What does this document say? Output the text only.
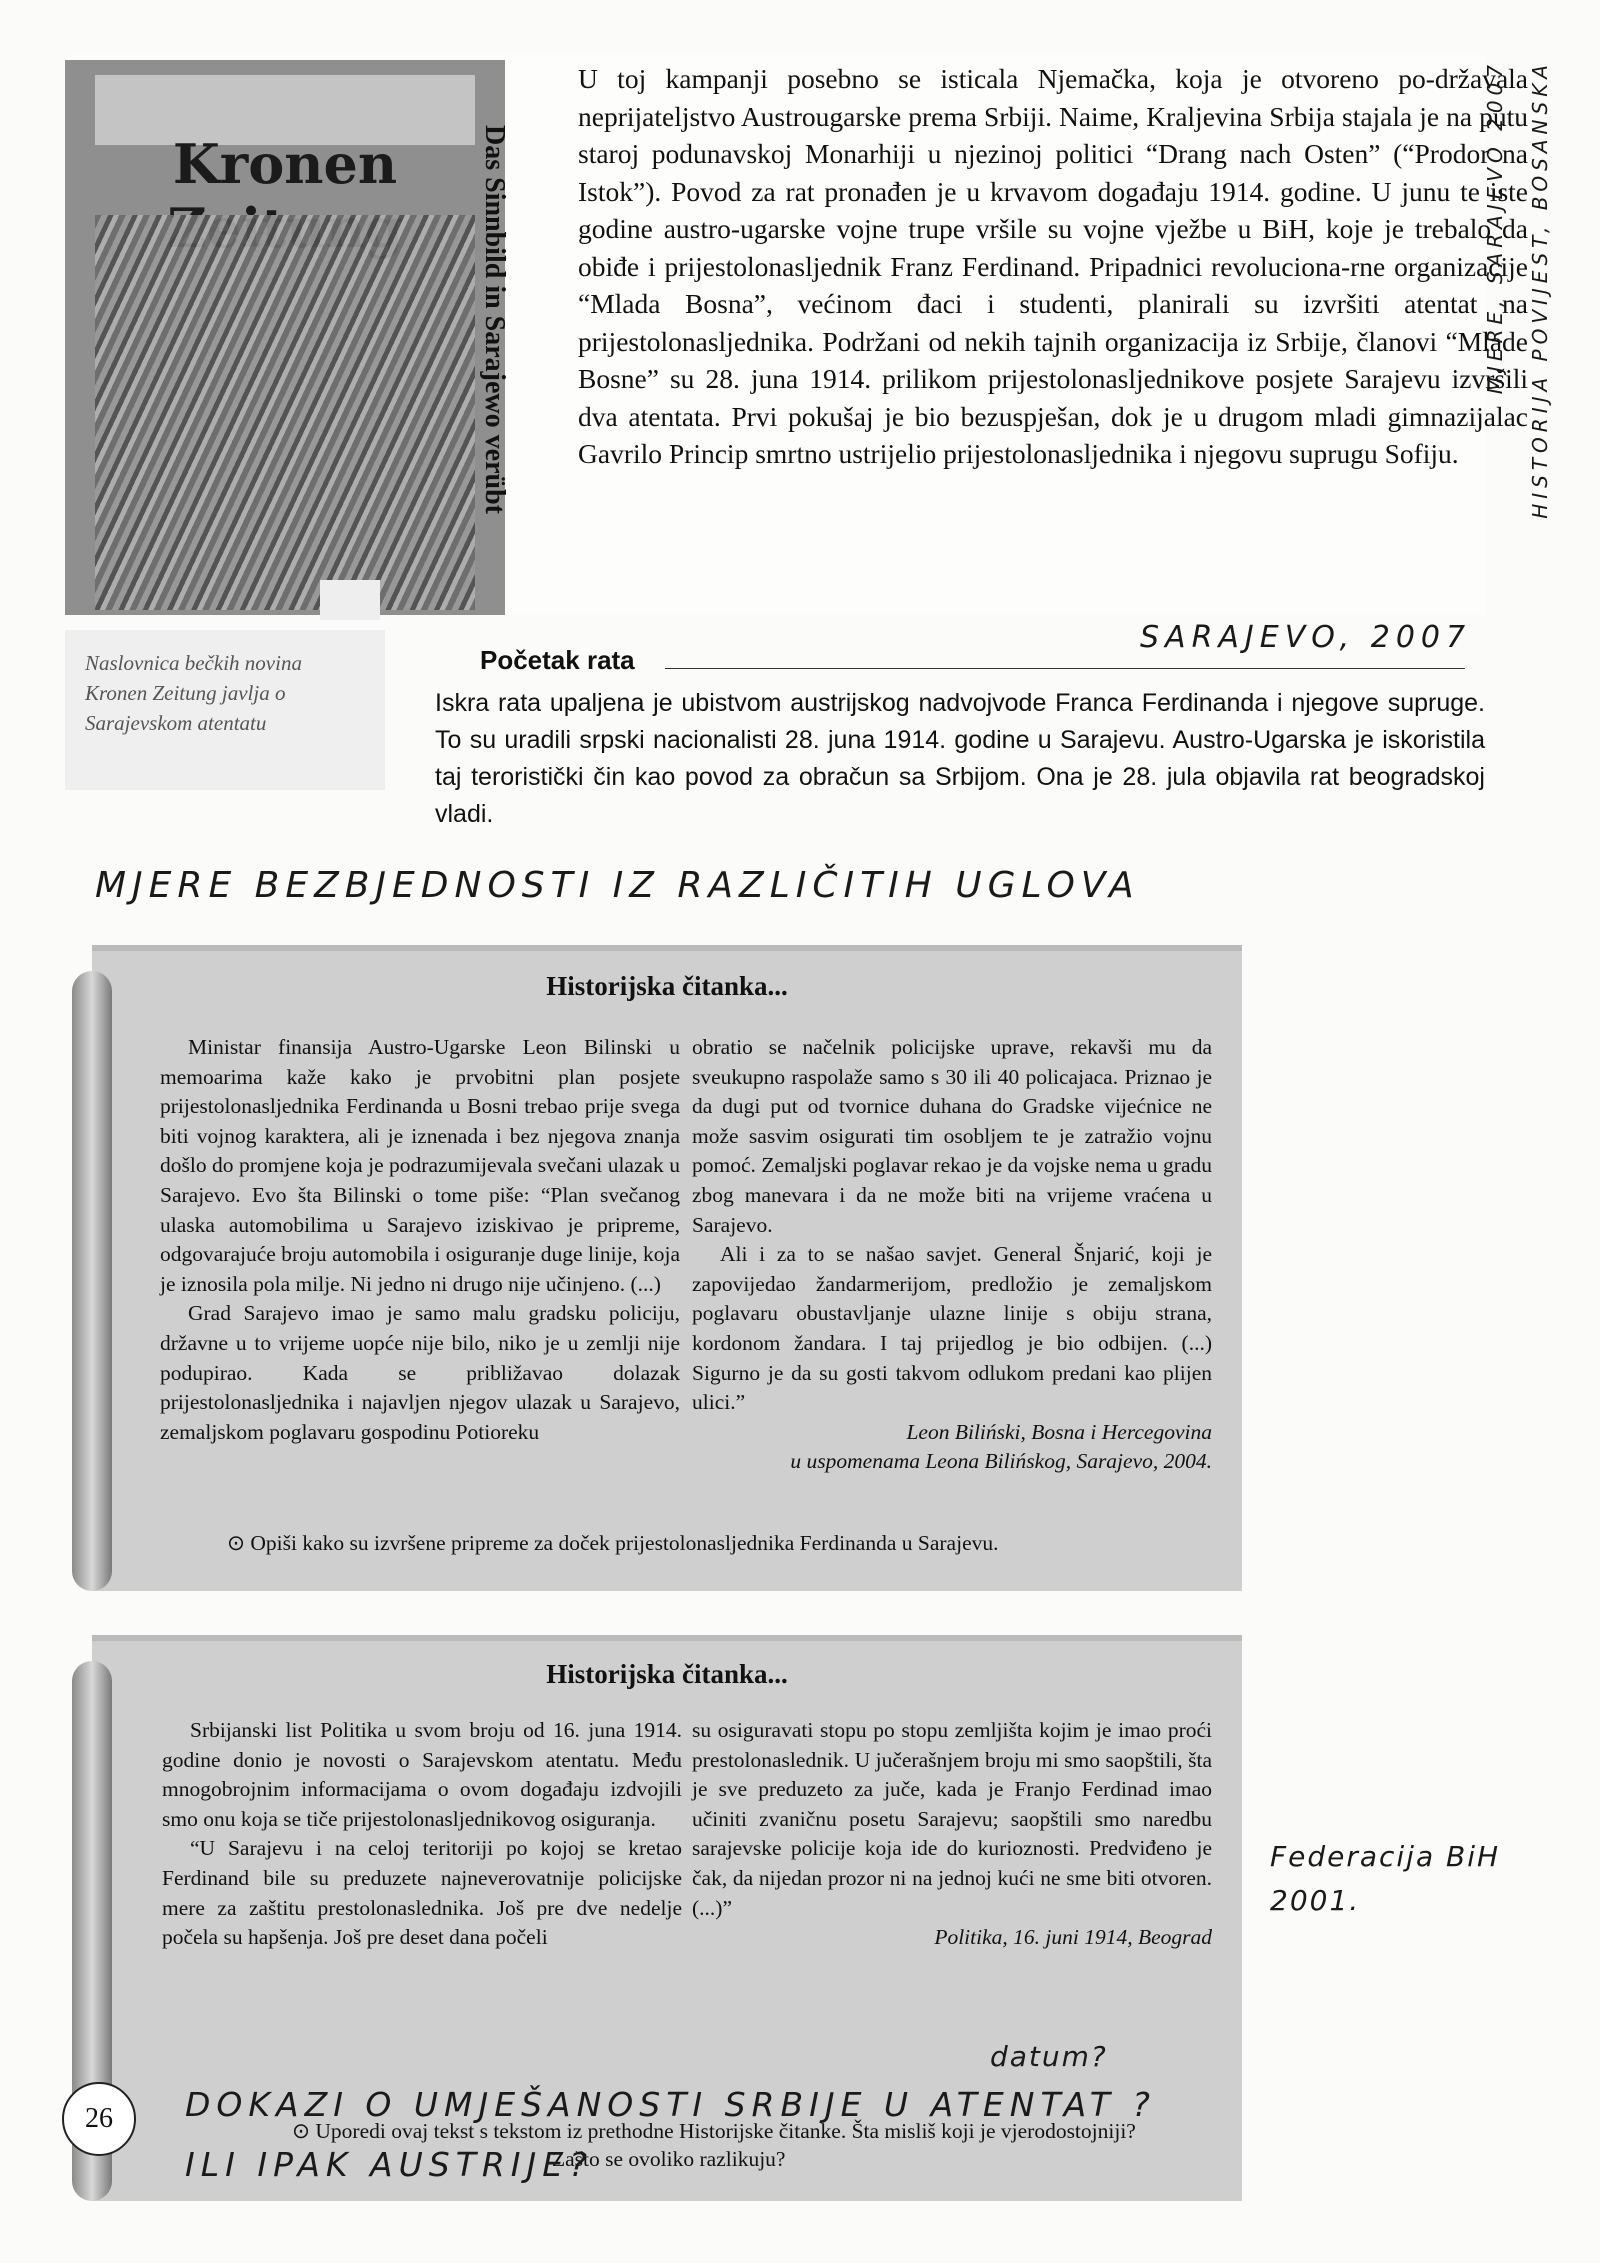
Kronen	Das Sinnbild in Sarajewo verübt
Naslovnica bečkih novina Kronen Zeitung javlja o Sarajevskom atentatu

U toj kampanji posebno se isticala Njemačka, koja je otvoreno po-državala neprijateljstvo Austrougarske prema Srbiji. Naime, Kraljevina Srbija stajala je na putu staroj podunavskoj Monarhiji u njezinoj politici “Drang nach Osten” (“Prodor na Istok”). Povod za rat pronađen je u krvavom događaju 1914. godine. U junu te iste godine austro-ugarske vojne trupe vršile su vojne vježbe u BiH, koje je trebalo da obiđe i prijestolonasljednik Franz Ferdinand. Pripadnici revoluciona-rne organizacije “Mlada Bosna”, većinom đaci i studenti, planirali su izvršiti atentat na prijestolonasljednika. Podržani od nekih tajnih organizacija iz Srbije, članovi “Mlade Bosne” su 28. juna 1914. prilikom prijestolonasljednikove posjete Sarajevu izvršili dva atentata. Prvi pokušaj je bio bezuspješan, dok je u drugom mladi gimnazijalac Gavrilo Princip smrtno ustrijelio prijestolonasljednika i njegovu suprugu Sofiju.	HISTORIJA POVIJEST, BOSANSKA
MJERE, SARAJEVO 2007
SARAJEVO, 2007
Početak rata
Iskra rata upaljena je ubistvom austrijskog nadvojvode Franca Ferdinanda i njegove supruge. To su uradili srpski nacionalisti 28. juna 1914. godine u Sarajevu. Austro-Ugarska je iskoristila taj teroristički čin kao povod za obračun sa Srbijom. Ona je 28. jula objavila rat beogradskoj vladi.
MJERE BEZBJEDNOSTI IZ RAZLIČITIH UGLOVA
Historijska čitanka...

Ministar finansija Austro-Ugarske Leon Bilinski u memoarima kaže kako je prvobitni plan posjete prijestolonasljednika Ferdinanda u Bosni trebao prije svega biti vojnog karaktera, ali je iznenada i bez njegova znanja došlo do promjene koja je podrazumijevala svečani ulazak u Sarajevo. Evo šta Bilinski o tome piše: “Plan svečanog ulaska automobilima u Sarajevo iziskivao je pripreme, odgovarajuće broju automobila i osiguranje duge linije, koja je iznosila pola milje. Ni jedno ni drugo nije učinjeno. (...)

Grad Sarajevo imao je samo malu gradsku policiju, državne u to vrijeme uopće nije bilo, niko je u zemlji nije podupirao. Kada se približavao dolazak prijestolonasljednika i najavljen njegov ulazak u Sarajevo, zemaljskom poglavaru gospodinu Potioreku

obratio se načelnik policijske uprave, rekavši mu da sveukupno raspolaže samo s 30 ili 40 policajaca. Priznao je da dugi put od tvornice duhana do Gradske vijećnice ne može sasvim osigurati tim osobljem te je zatražio vojnu pomoć. Zemaljski poglavar rekao je da vojske nema u gradu zbog manevara i da ne može biti na vrijeme vraćena u Sarajevo.

Ali i za to se našao savjet. General Šnjarić, koji je zapovijedao žandarmerijom, predložio je zemaljskom poglavaru obustavljanje ulazne linije s obiju strana, kordonom žandara. I taj prijedlog je bio odbijen. (...) Sigurno je da su gosti takvom odlukom predani kao plijen ulici.”

Leon Biliński, Bosna i Hercegovina
u uspomenama Leona Bilińskog, Sarajevo, 2004.
⊙ Opiši kako su izvršene pripreme za doček prijestolonasljednika Ferdinanda u Sarajevu.
Historijska čitanka...

Srbijanski list Politika u svom broju od 16. juna 1914. godine donio je novosti o Sarajevskom atentatu. Među mnogobrojnim informacijama o ovom događaju izdvojili smo onu koja se tiče prijestolonasljednikovog osiguranja.

“U Sarajevu i na celoj teritoriji po kojoj se kretao Ferdinand bile su preduzete najneverovatnije policijske mere za zaštitu prestolonaslednika. Još pre dve nedelje počela su hapšenja. Još pre deset dana počeli

su osiguravati stopu po stopu zemljišta kojim je imao proći prestolonaslednik. U jučerašnjem broju mi smo saopštili, šta je sve preduzeto za juče, kada je Franjo Ferdinad imao učiniti zvaničnu posetu Sarajevu; saopštili smo naredbu sarajevske policije koja ide do kurioznosti. Predviđeno je čak, da nijedan prozor ni na jednoj kući ne sme biti otvoren. (...)”

Politika, 16. juni 1914, Beograd
⊙ Uporedi ovaj tekst s tekstom iz prethodne Historijske čitanke. Šta misliš koji je vjerodostojniji?
Zašto se ovoliko razlikuju?
Federacija BiH 2001.
datum?
26	DOKAZI O UMJEŠANOSTI SRBIJE U ATENTAT ?
ILI IPAK AUSTRIJE?
